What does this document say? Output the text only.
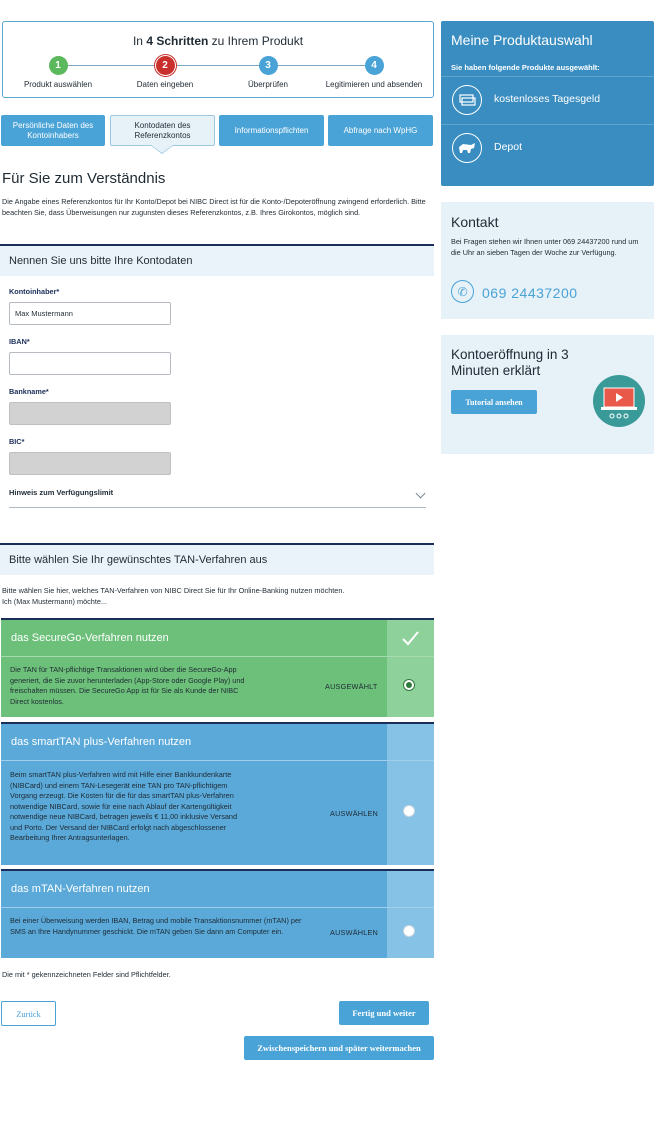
In 4 Schritten zu Ihrem Produkt
1
Produkt auswählen
2
Daten eingeben
3
Überprüfen
4
Legitimieren und absenden
Persönliche Daten des Kontoinhabers
Kontodaten des Referenzkontos
Informationspflichten	Abfrage nach WpHG
Für Sie zum Verständnis

Die Angabe eines Referenzkontos für Ihr Konto/Depot bei NIBC Direct ist für die Konto-/Depoteröffnung zwingend erforderlich. Bitte beachten Sie, dass Überweisungen nur zugunsten dieses Referenzkontos, z.B. Ihres Girokontos, möglich sind.

Nennen Sie uns bitte Ihre Kontodaten
Kontoinhaber*
Max Mustermann
IBAN*
Bankname*
BIC*
Hinweis zum Verfügungslimit
Bitte wählen Sie Ihr gewünschtes TAN-Verfahren aus
Bitte wählen Sie hier, welches TAN-Verfahren von NIBC Direct Sie für Ihr Online-Banking nutzen möchten.
Ich (Max Mustermann) möchte...
das SecureGo-Verfahren nutzen
Die TAN für TAN-pflichtige Transaktionen wird über die SecureGo-App generiert, die Sie zuvor herunterladen (App-Store oder Google Play) und freischalten müssen. Die SecureGo App ist für Sie als Kunde der NIBC Direct kostenlos.
AUSGEWÄHLT
das smartTAN plus-Verfahren nutzen
Beim smartTAN plus-Verfahren wird mit Hilfe einer Bankkundenkarte (NIBCard) und einem TAN-Lesegerät eine TAN pro TAN-pflichtigem Vorgang erzeugt. Die Kosten für die für das smartTAN plus-Verfahren notwendige NIBCard, sowie für eine nach Ablauf der Kartengültigkeit notwendige neue NIBCard, betragen jeweils € 11,00 inklusive Versand und Porto. Der Versand der NIBCard erfolgt nach abgeschlossener Bearbeitung Ihrer Antragsunterlagen.
AUSWÄHLEN
das mTAN-Verfahren nutzen
Bei einer Überweisung werden IBAN, Betrag und mobile Transaktionsnummer (mTAN) per SMS an Ihre Handynummer geschickt. Die mTAN geben Sie dann am Computer ein.	AUSWÄHLEN
Die mit * gekennzeichneten Felder sind Pflichtfelder.
Zurück	Fertig und weiter
Zwischenspeichern und später weitermachen
Meine Produktauswahl
Sie haben folgende Produkte ausgewählt:
kostenloses Tagesgeld
Depot
Kontakt
Bei Fragen stehen wir Ihnen unter 069 24437200 rund um die Uhr an sieben Tagen der Woche zur Verfügung.
✆	069 24437200
Kontoeröffnung in 3 Minuten erklärt
Tutorial ansehen
